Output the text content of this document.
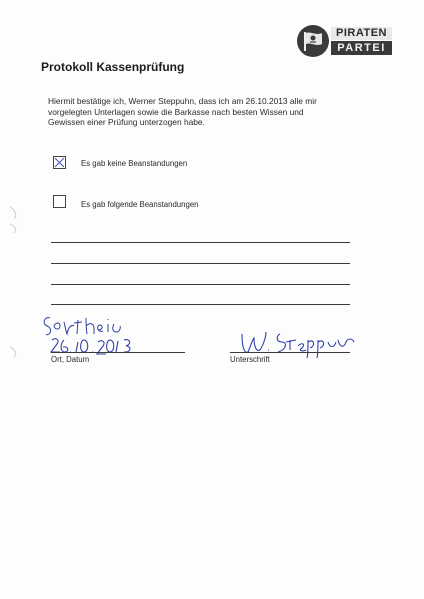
PIRATEN
PARTEI
Protokoll Kassenprüfung
Hiermit bestätige ich, Werner Steppuhn, dass ich am 26.10.2013 alle mir
vorgelegten Unterlagen sowie die Barkasse nach besten Wissen und
Gewissen einer Prüfung unterzogen habe.
Es gab keine Beanstandungen
Es gab folgende Beanstandungen
Ort, Datum	Unterschrift
